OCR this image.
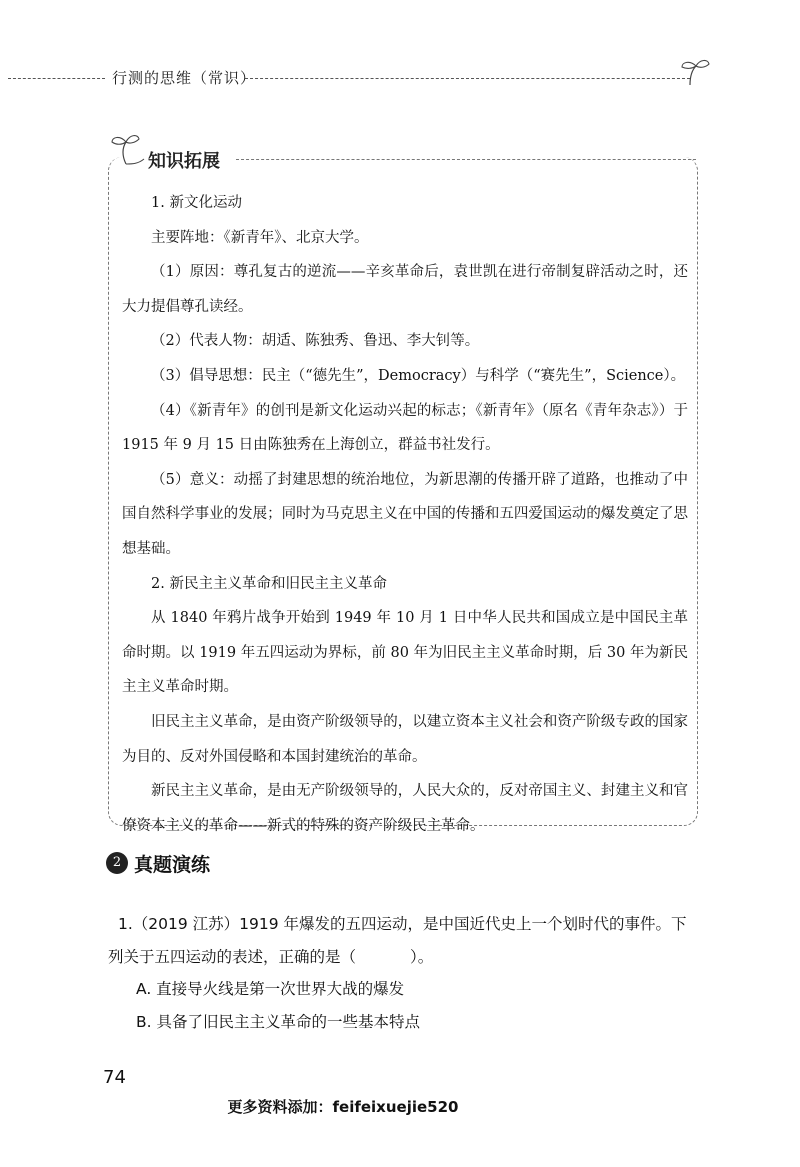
行测的思维（常识）
知识拓展

1. 新文化运动

主要阵地：《新青年》、北京大学。

（1）原因：尊孔复古的逆流——辛亥革命后，袁世凯在进行帝制复辟活动之时，还大力提倡尊孔读经。

（2）代表人物：胡适、陈独秀、鲁迅、李大钊等。

（3）倡导思想：民主（“德先生”，Democracy）与科学（“赛先生”，Science）。

（4）《新青年》的创刊是新文化运动兴起的标志；《新青年》（原名《青年杂志》）于 1915 年 9 月 15 日由陈独秀在上海创立，群益书社发行。

（5）意义：动摇了封建思想的统治地位，为新思潮的传播开辟了道路，也推动了中国自然科学事业的发展；同时为马克思主义在中国的传播和五四爱国运动的爆发奠定了思想基础。

2. 新民主主义革命和旧民主主义革命

从 1840 年鸦片战争开始到 1949 年 10 月 1 日中华人民共和国成立是中国民主革命时期。以 1919 年五四运动为界标，前 80 年为旧民主主义革命时期，后 30 年为新民主主义革命时期。

旧民主主义革命，是由资产阶级领导的，以建立资本主义社会和资产阶级专政的国家为目的、反对外国侵略和本国封建统治的革命。

新民主主义革命，是由无产阶级领导的，人民大众的，反对帝国主义、封建主义和官僚资本主义的革命——新式的特殊的资产阶级民主革命。

2 真题演练

1.（2019 江苏）1919 年爆发的五四运动，是中国近代史上一个划时代的事件。下列关于五四运动的表述，正确的是（	）。

A. 直接导火线是第一次世界大战的爆发

B. 具备了旧民主主义革命的一些基本特点

74
更多资料添加：feifeixuejie520
